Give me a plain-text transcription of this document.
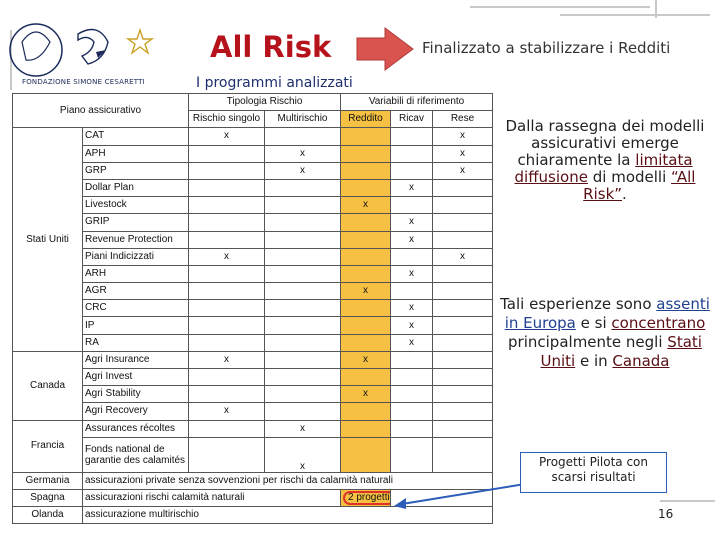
FONDAZIONE SIMONE CESARETTI
All Risk	Finalizzato a stabilizzare i Redditi
I programmi analizzati
Piano assicurativo		Tipologia Rischio		Variabili di riferimento		
		Rischio singolo	Multirischio	Reddito	Ricav	Rese
Stati Uniti	CAT	x				x
	APH		x			x
	GRP		x			x
	Dollar Plan				x	
	Livestock			x		
	GRIP				x	
	Revenue Protection				x	
	Piani Indicizzati	x				x
	ARH				x	
	AGR			x		
	CRC				x	
	IP				x	
	RA				x	
Canada	Agri Insurance	x		x		
	Agri Invest					
	Agri Stability			x		
	Agri Recovery	x				
Francia	Assurances récoltes		x			
	Fonds national de garantie des calamités		x			
Germania	assicurazioni private senza sovvenzioni per rischi da calamità naturali					
Spagna	assicurazioni rischi calamità naturali			2 progetti		
Olanda	assicurazione multirischio					
Dalla rassegna dei modelli assicurativi emerge chiaramente la limitata diffusione di modelli “All Risk”.
Tali esperienze sono assenti in Europa e si concentrano principalmente negli Stati Uniti e in Canada
Progetti Pilota con scarsi risultati
16
